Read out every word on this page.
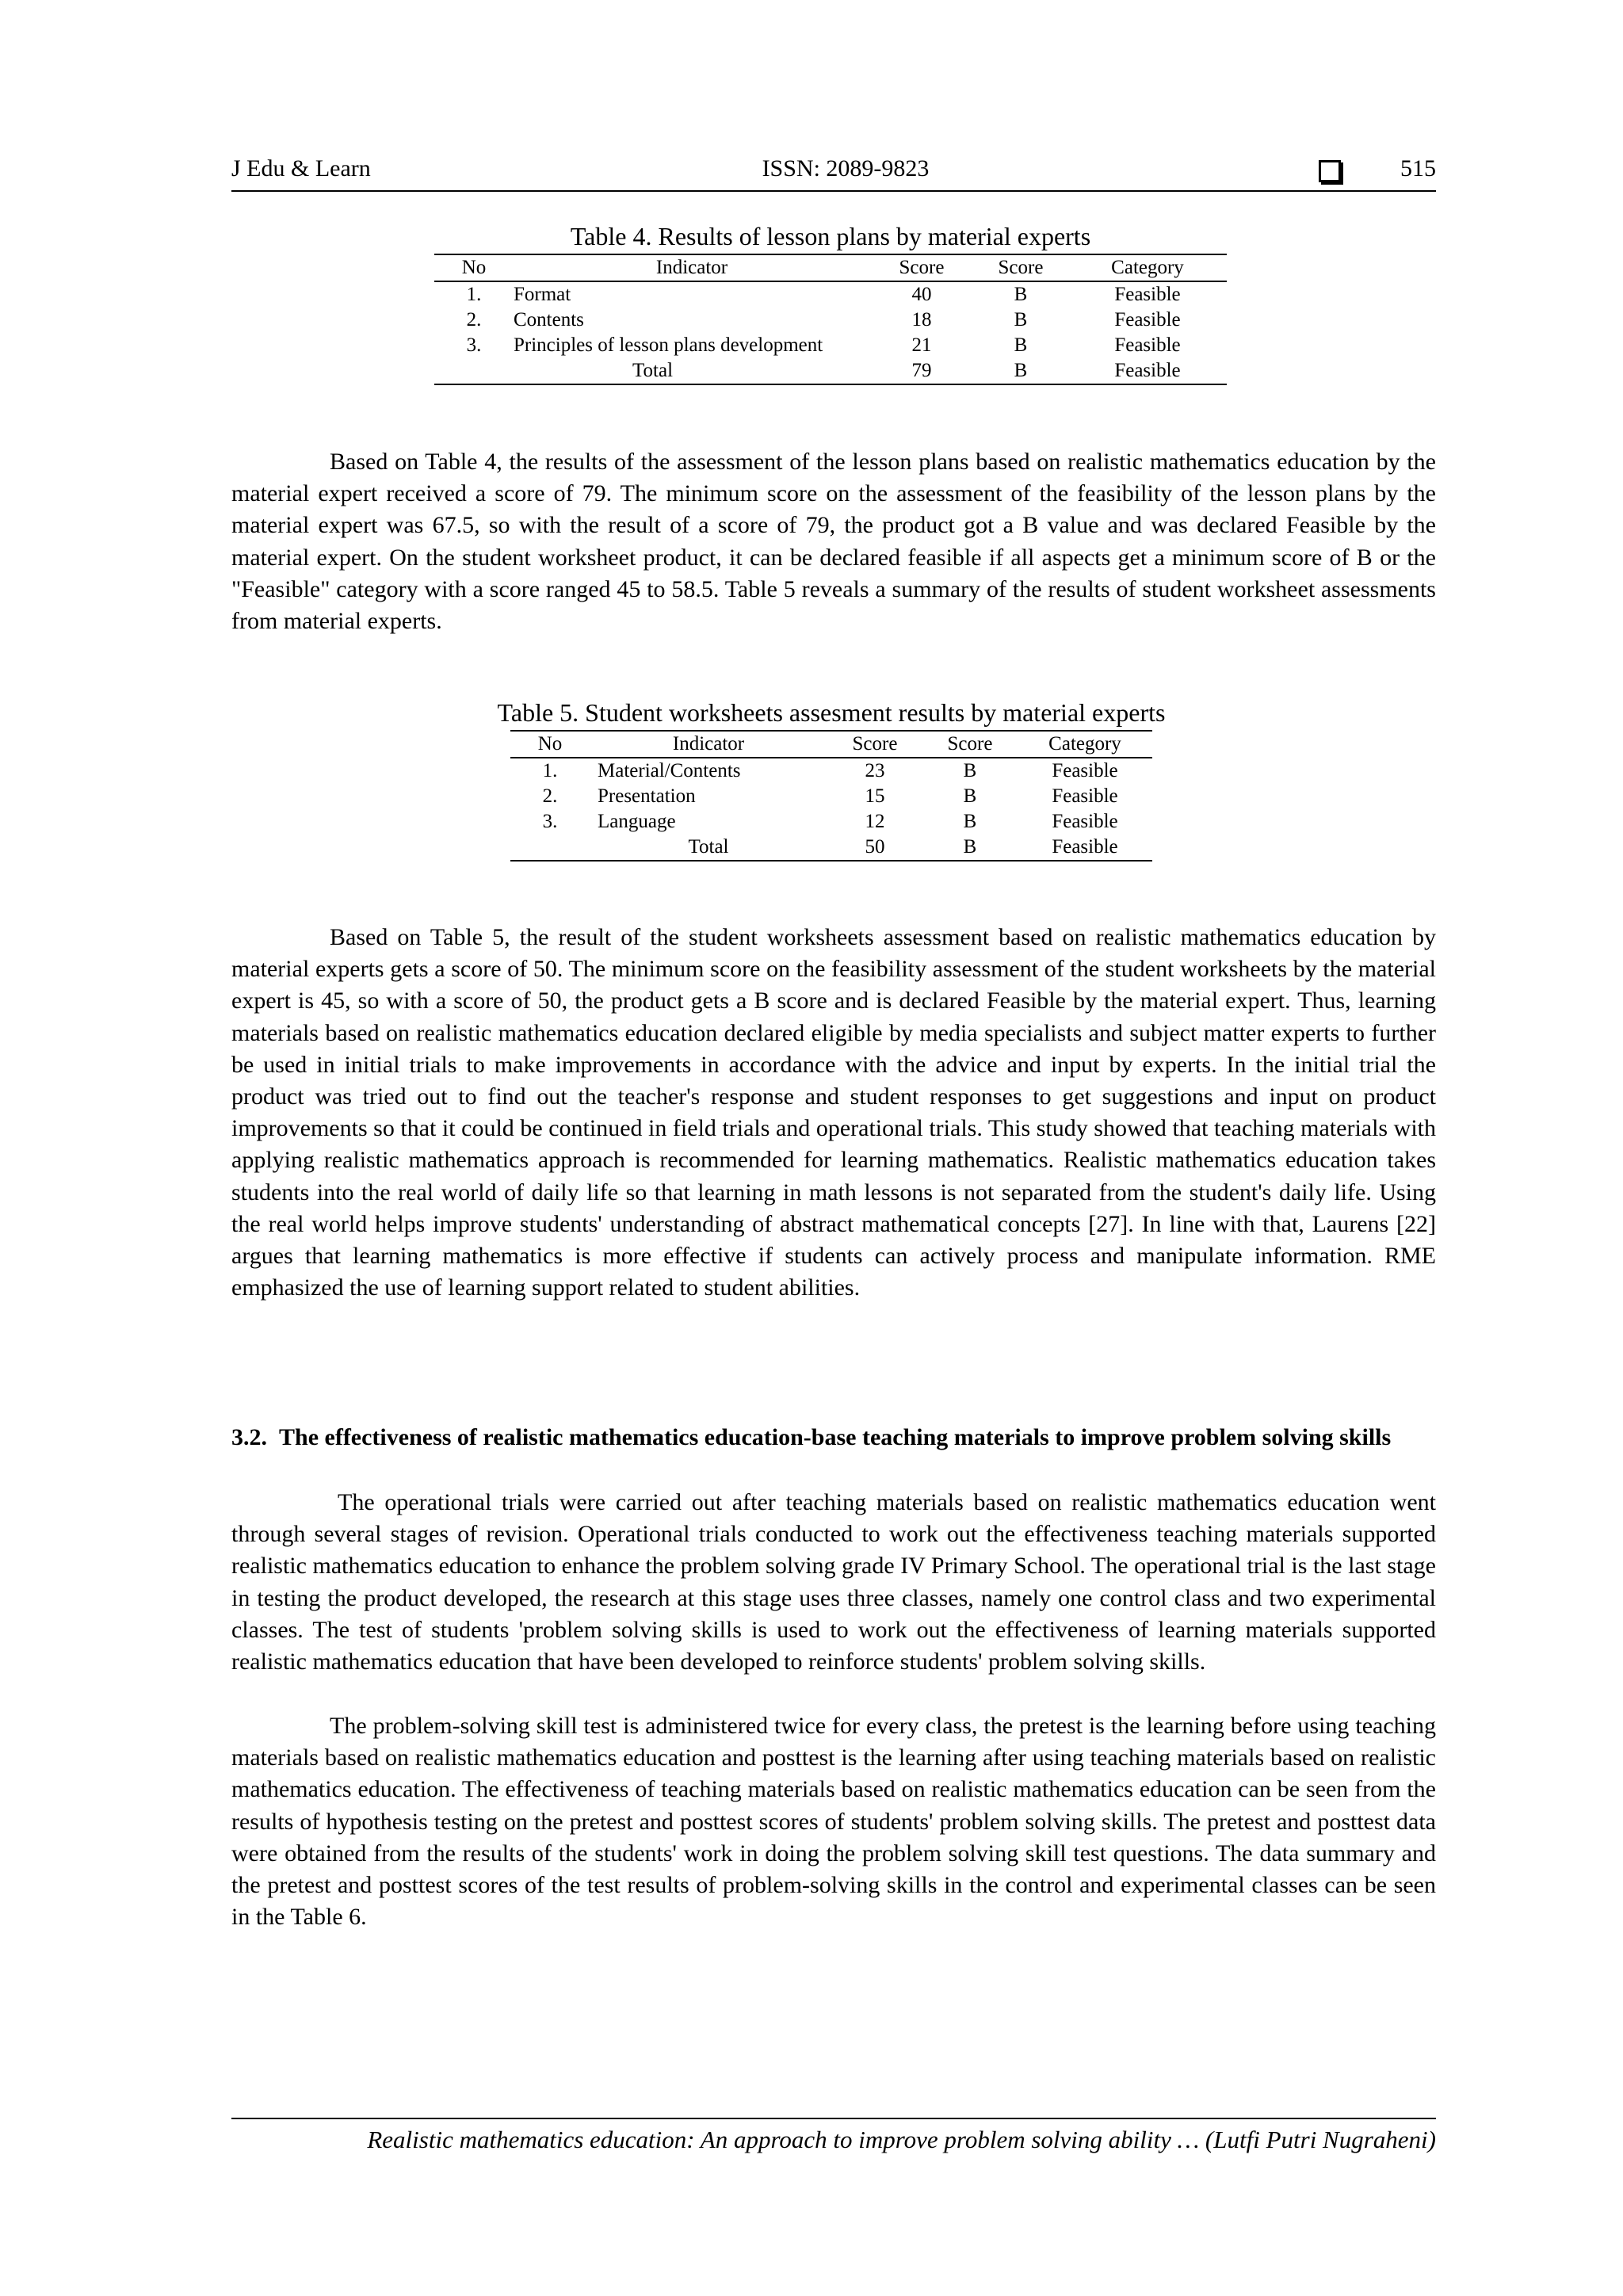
J Edu & Learn	ISSN: 2089-9823	515
Table 4. Results of lesson plans by material experts
No	Indicator	Score	Score	Category
1.	Format	40	B	Feasible
2.	Contents	18	B	Feasible
3.	Principles of lesson plans development	21	B	Feasible
	Total	79	B	Feasible

Based on Table 4, the results of the assessment of the lesson plans based on realistic mathematics education by the material expert received a score of 79. The minimum score on the assessment of the feasibility of the lesson plans by the material expert was 67.5, so with the result of a score of 79, the product got a B value and was declared Feasible by the material expert. On the student worksheet product, it can be declared feasible if all aspects get a minimum score of B or the "Feasible" category with a score ranged 45 to 58.5. Table 5 reveals a summary of the results of student worksheet assessments from material experts.

Table 5. Student worksheets assesment results by material experts
No	Indicator	Score	Score	Category
1.	Material/Contents	23	B	Feasible
2.	Presentation	15	B	Feasible
3.	Language	12	B	Feasible
	Total	50	B	Feasible

Based on Table 5, the result of the student worksheets assessment based on realistic mathematics education by material experts gets a score of 50. The minimum score on the feasibility assessment of the student worksheets by the material expert is 45, so with a score of 50, the product gets a B score and is declared Feasible by the material expert. Thus, learning materials based on realistic mathematics education declared eligible by media specialists and subject matter experts to further be used in initial trials to make improvements in accordance with the advice and input by experts. In the initial trial the product was tried out to find out the teacher's response and student responses to get suggestions and input on product improvements so that it could be continued in field trials and operational trials. This study showed that teaching materials with applying realistic mathematics approach is recommended for learning mathematics. Realistic mathematics education takes students into the real world of daily life so that learning in math lessons is not separated from the student's daily life. Using the real world helps improve students' understanding of abstract mathematical concepts [27]. In line with that, Laurens [22] argues that learning mathematics is more effective if students can actively process and manipulate information. RME emphasized the use of learning support related to student abilities.

3.2. The effectiveness of realistic mathematics education-base teaching materials to improve problem solving skills

The operational trials were carried out after teaching materials based on realistic mathematics education went through several stages of revision. Operational trials conducted to work out the effectiveness teaching materials supported realistic mathematics education to enhance the problem solving grade IV Primary School. The operational trial is the last stage in testing the product developed, the research at this stage uses three classes, namely one control class and two experimental classes. The test of students 'problem solving skills is used to work out the effectiveness of learning materials supported realistic mathematics education that have been developed to reinforce students' problem solving skills.

The problem-solving skill test is administered twice for every class, the pretest is the learning before using teaching materials based on realistic mathematics education and posttest is the learning after using teaching materials based on realistic mathematics education. The effectiveness of teaching materials based on realistic mathematics education can be seen from the results of hypothesis testing on the pretest and posttest scores of students' problem solving skills. The pretest and posttest data were obtained from the results of the students' work in doing the problem solving skill test questions. The data summary and the pretest and posttest scores of the test results of problem-solving skills in the control and experimental classes can be seen in the Table 6.

Realistic mathematics education: An approach to improve problem solving ability … (Lutfi Putri Nugraheni)
